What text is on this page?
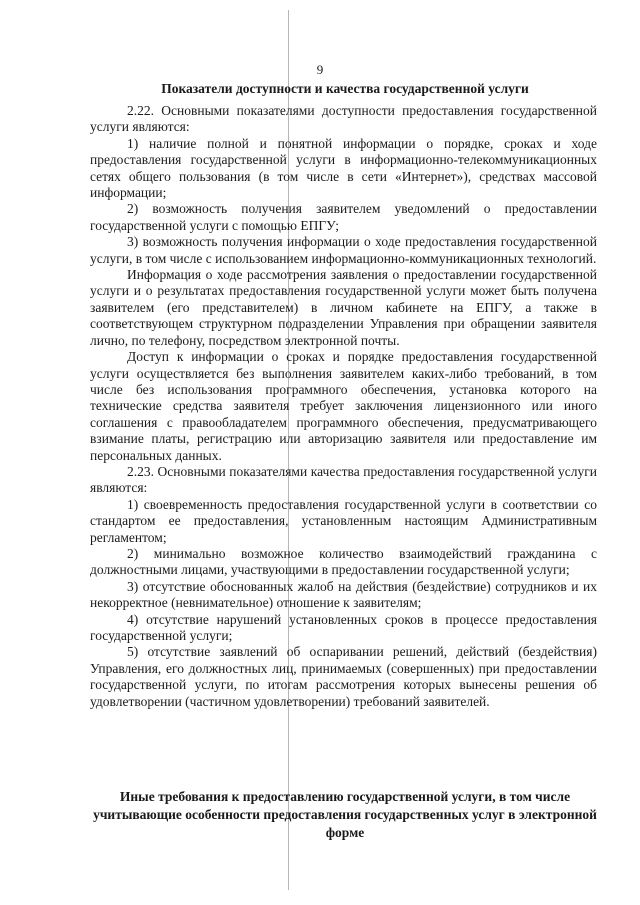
9
Показатели доступности и качества государственной услуги

2.22. Основными показателями доступности предоставления государственной услуги являются:

1) наличие полной и понятной информации о порядке, сроках и ходе предоставления государственной услуги в информационно-телекоммуникационных сетях общего пользования (в том числе в сети «Интернет»), средствах массовой информации;

2) возможность получения заявителем уведомлений о предоставлении государственной услуги с помощью ЕПГУ;

3) возможность получения информации о ходе предоставления государственной услуги, в том числе с использованием информационно-коммуникационных технологий.

Информация о ходе рассмотрения заявления о предоставлении государственной услуги и о результатах предоставления государственной услуги может быть получена заявителем (его представителем) в личном кабинете на ЕПГУ, а также в соответствующем структурном подразделении Управления при обращении заявителя лично, по телефону, посредством электронной почты.

Доступ к информации о сроках и порядке предоставления государственной услуги осуществляется без выполнения заявителем каких-либо требований, в том числе без использования программного обеспечения, установка которого на технические средства заявителя требует заключения лицензионного или иного соглашения с правообладателем программного обеспечения, предусматривающего взимание платы, регистрацию или авторизацию заявителя или предоставление им персональных данных.

2.23. Основными показателями качества предоставления государственной услуги являются:

1) своевременность предоставления государственной услуги в соответствии со стандартом ее предоставления, установленным настоящим Административным регламентом;

2) минимально возможное количество взаимодействий гражданина с должностными лицами, участвующими в предоставлении государственной услуги;

3) отсутствие обоснованных жалоб на действия (бездействие) сотрудников и их некорректное (невнимательное) отношение к заявителям;

4) отсутствие нарушений установленных сроков в процессе предоставления государственной услуги;

5) отсутствие заявлений об оспаривании решений, действий (бездействия) Управления, его должностных лиц, принимаемых (совершенных) при предоставлении государственной услуги, по итогам рассмотрения которых вынесены решения об удовлетворении (частичном удовлетворении) требований заявителей.

Иные требования к предоставлению государственной услуги, в том числе учитывающие особенности предоставления государственных услуг в электронной форме
